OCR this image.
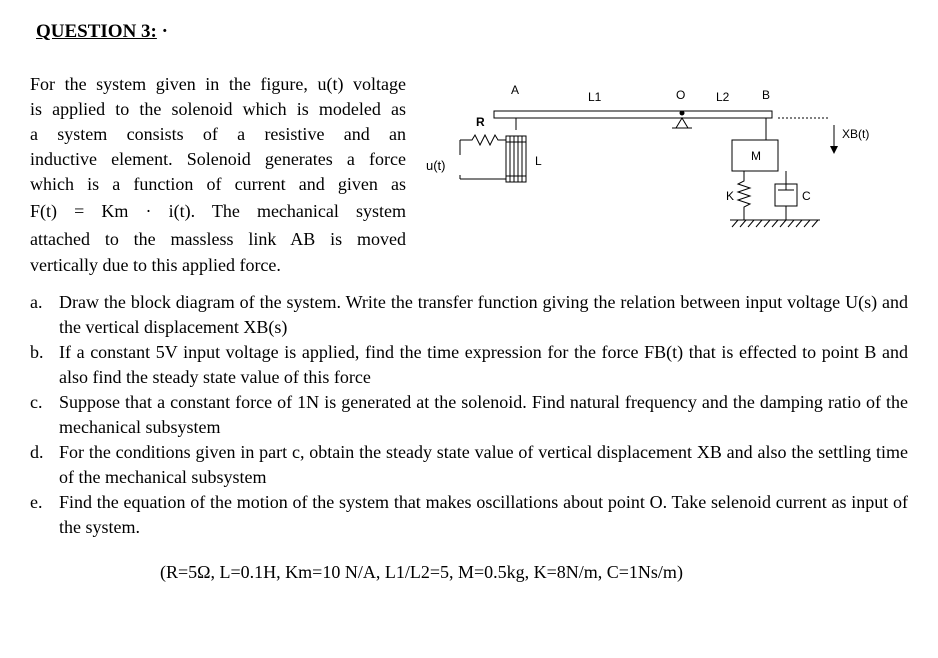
QUESTION 3: ·
For the system given in the figure, u(t) voltage
is applied to the solenoid which is modeled as
a system consists of a resistive and an
inductive element. Solenoid generates a force
which is a function of current and given as
F(t) = Km · i(t). The mechanical system
attached to the massless link AB is moved
vertically due to this applied force.
A	L1	O	L2	B
R
u(t)	L	M
K	C
XB(t)
a. Draw the block diagram of the system. Write the transfer function giving the relation between input voltage U(s) and the vertical displacement XB(s)
b. If a constant 5V input voltage is applied, find the time expression for the force FB(t) that is effected to point B and also find the steady state value of this force
c. Suppose that a constant force of 1N is generated at the solenoid. Find natural frequency and the damping ratio of the mechanical subsystem
d. For the conditions given in part c, obtain the steady state value of vertical displacement XB and also the settling time of the mechanical subsystem
e. Find the equation of the motion of the system that makes oscillations about point O. Take selenoid current as input of the system.
(R=5Ω, L=0.1H, Km=10 N/A, L1/L2=5, M=0.5kg, K=8N/m, C=1Ns/m)
